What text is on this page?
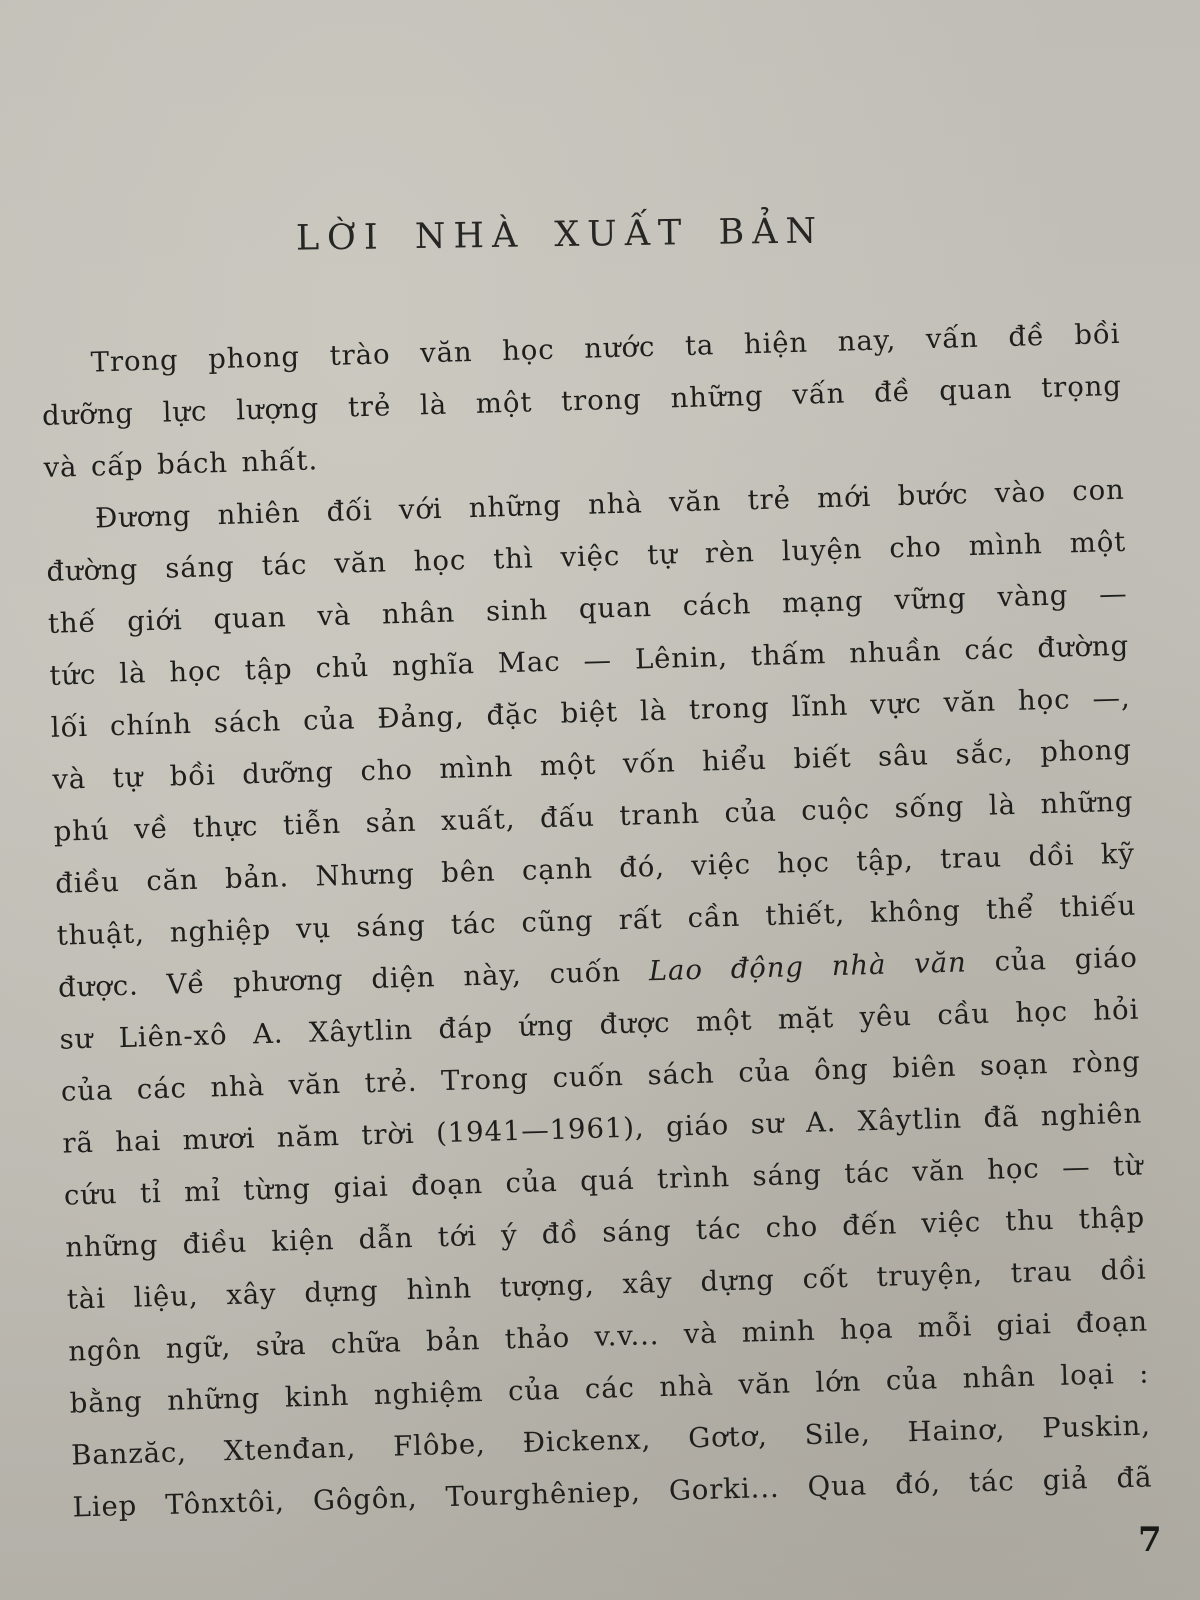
LỜI NHÀ XUẤT BẢN
Trong phong trào văn học nước ta hiện nay, vấn đề bồi
dưỡng lực lượng trẻ là một trong những vấn đề quan trọng
và cấp bách nhất.
Đương nhiên đối với những nhà văn trẻ mới bước vào con
đường sáng tác văn học thì việc tự rèn luyện cho mình một
thế giới quan và nhân sinh quan cách mạng vững vàng —
tức là học tập chủ nghĩa Mac — Lênin, thấm nhuần các đường
lối chính sách của Đảng, đặc biệt là trong lĩnh vực văn học —,
và tự bồi dưỡng cho mình một vốn hiểu biết sâu sắc, phong
phú về thực tiễn sản xuất, đấu tranh của cuộc sống là những
điều căn bản. Nhưng bên cạnh đó, việc học tập, trau dồi kỹ
thuật, nghiệp vụ sáng tác cũng rất cần thiết, không thể thiếu
được. Về phương diện này, cuốn Lao động nhà văn của giáo
sư Liên-xô A. Xâytlin đáp ứng được một mặt yêu cầu học hỏi
của các nhà văn trẻ. Trong cuốn sách của ông biên soạn ròng
rã hai mươi năm trời (1941—1961), giáo sư A. Xâytlin đã nghiên
cứu tỉ mỉ từng giai đoạn của quá trình sáng tác văn học — từ
những điều kiện dẫn tới ý đồ sáng tác cho đến việc thu thập
tài liệu, xây dựng hình tượng, xây dựng cốt truyện, trau dồi
ngôn ngữ, sửa chữa bản thảo v.v... và minh họa mỗi giai đoạn
bằng những kinh nghiệm của các nhà văn lớn của nhân loại :
Banzăc, Xtenđan, Flôbe, Đickenx, Gơtơ, Sile, Hainơ, Puskin,
Liep Tônxtôi, Gôgôn, Tourghêniep, Gorki... Qua đó, tác giả đã
7
